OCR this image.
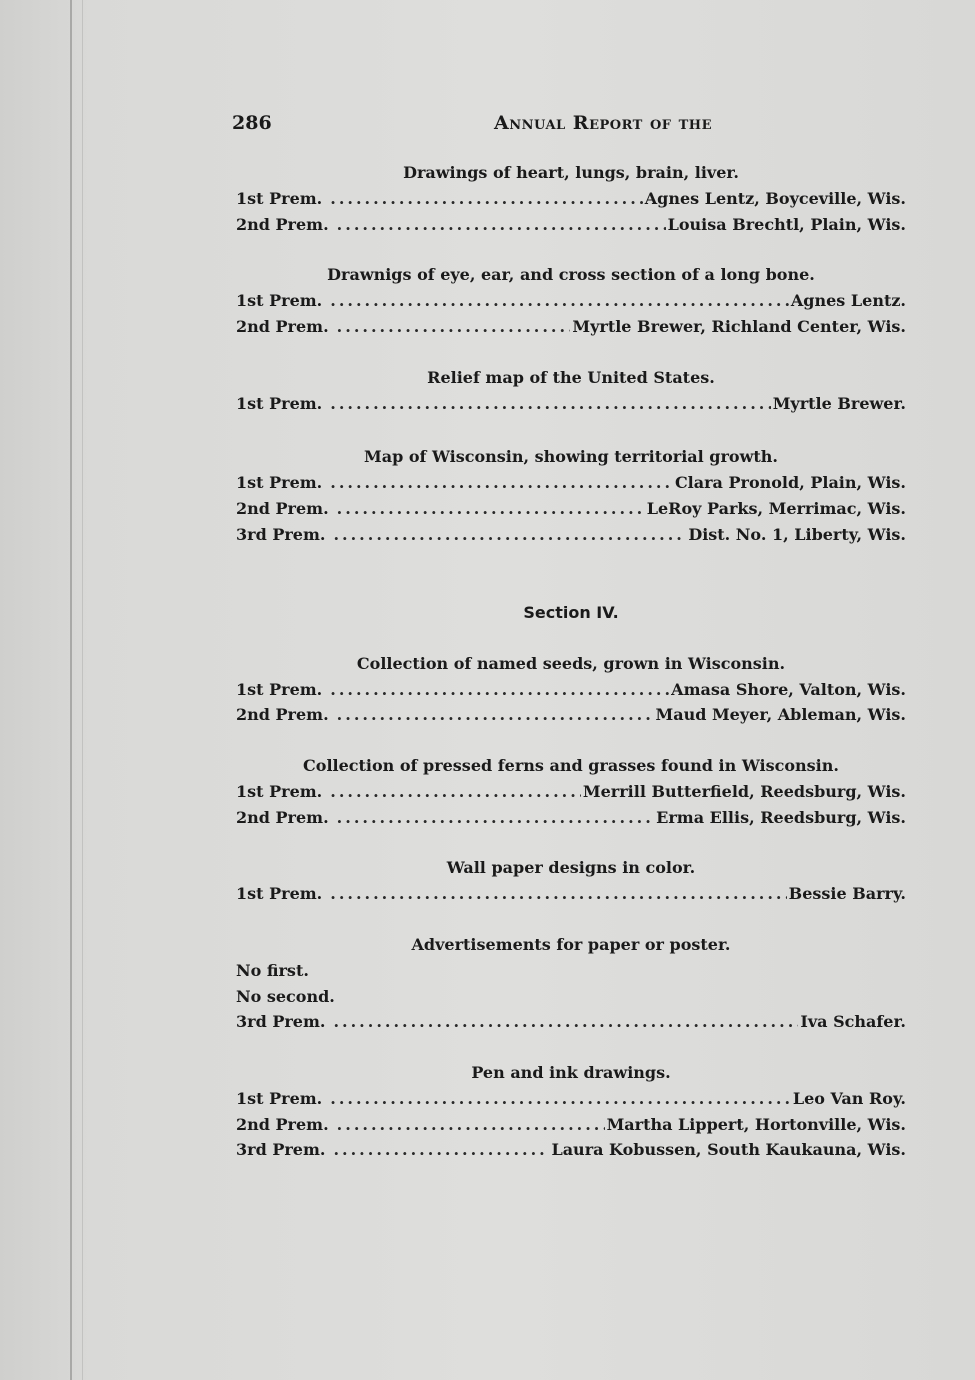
286	Annual Report of the
Drawings of heart, lungs, brain, liver.
1st Prem. .....	Agnes Lentz, Boyceville, Wis.
2nd Prem. .....	Louisa Brechtl, Plain, Wis.
Drawnigs of eye, ear, and cross section of a long bone.
1st Prem. .....	Agnes Lentz.
2nd Prem. .....	Myrtle Brewer, Richland Center, Wis.
Relief map of the United States.
1st Prem. .....	Myrtle Brewer.
Map of Wisconsin, showing territorial growth.
1st Prem. .....	Clara Pronold, Plain, Wis.
2nd Prem. .....	LeRoy Parks, Merrimac, Wis.
3rd Prem. .....	Dist. No. 1, Liberty, Wis.
Section IV.
Collection of named seeds, grown in Wisconsin.
1st Prem. .....	Amasa Shore, Valton, Wis.
2nd Prem. .....	Maud Meyer, Ableman, Wis.
Collection of pressed ferns and grasses found in Wisconsin.
1st Prem. .....	Merrill Butterfield, Reedsburg, Wis.
2nd Prem. .....	Erma Ellis, Reedsburg, Wis.
Wall paper designs in color.
1st Prem. .....	Bessie Barry.
Advertisements for paper or poster.
No first.
No second.
3rd Prem. .....	Iva Schafer.
Pen and ink drawings.
1st Prem. .....	Leo Van Roy.
2nd Prem. .....	Martha Lippert, Hortonville, Wis.
3rd Prem. .....	Laura Kobussen, South Kaukauna, Wis.
